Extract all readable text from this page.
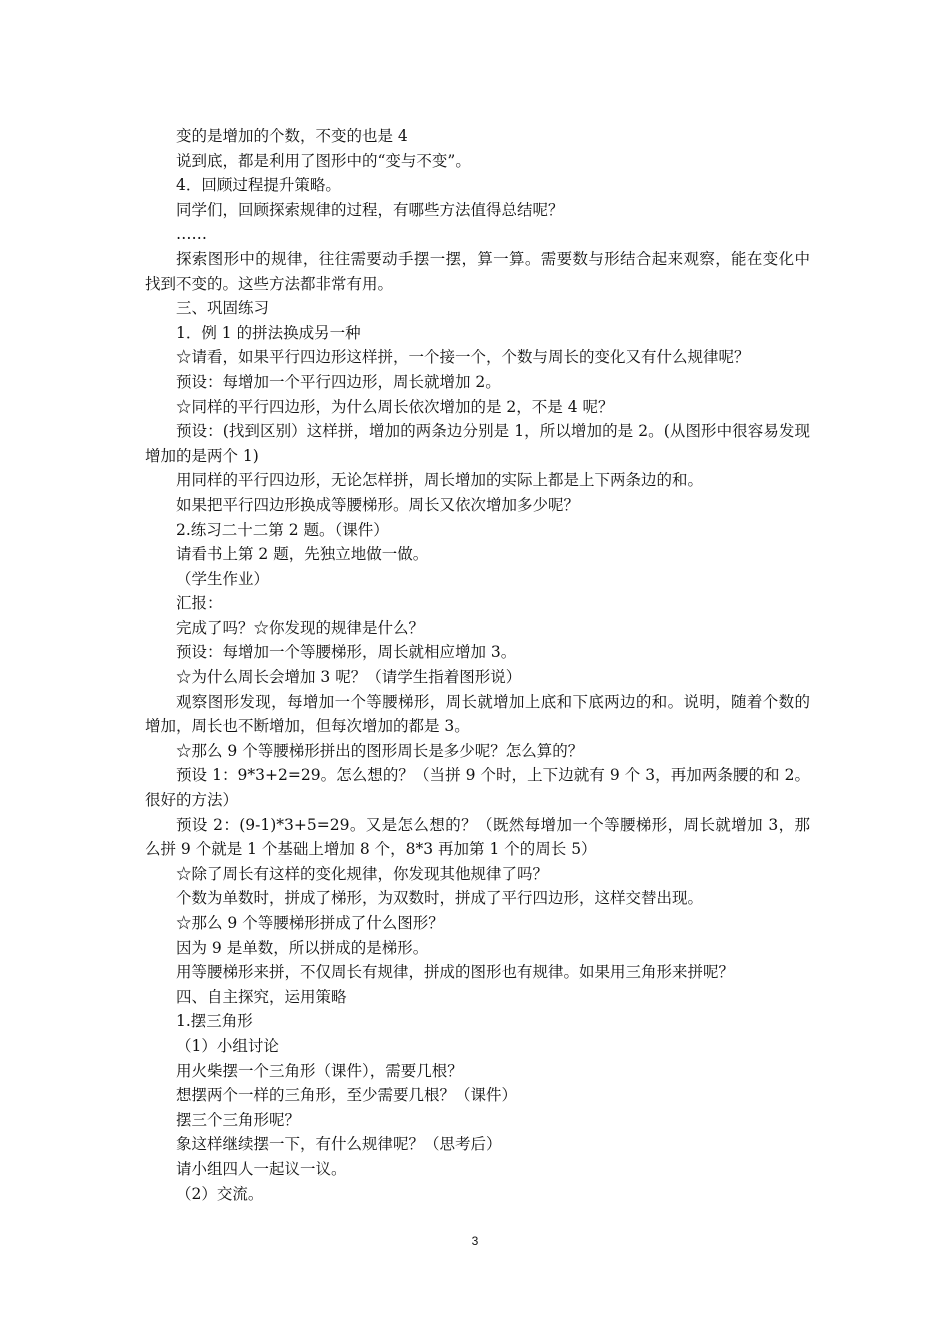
变的是增加的个数，不变的也是 4

说到底，都是利用了图形中的“变与不变”。

4．回顾过程提升策略。

同学们，回顾探索规律的过程，有哪些方法值得总结呢？

……

探索图形中的规律，往往需要动手摆一摆，算一算。需要数与形结合起来观察，能在变化中找到不变的。这些方法都非常有用。

三、巩固练习

1．例 1 的拼法换成另一种

☆请看，如果平行四边形这样拼，一个接一个，个数与周长的变化又有什么规律呢？

预设：每增加一个平行四边形，周长就增加 2。

☆同样的平行四边形，为什么周长依次增加的是 2，不是 4 呢？

预设：(找到区别）这样拼，增加的两条边分别是 1，所以增加的是 2。(从图形中很容易发现增加的是两个 1)

用同样的平行四边形，无论怎样拼，周长增加的实际上都是上下两条边的和。

如果把平行四边形换成等腰梯形。周长又依次增加多少呢？

2.练习二十二第 2 题。（课件）

请看书上第 2 题，先独立地做一做。

（学生作业）

汇报：

完成了吗？☆你发现的规律是什么？

预设：每增加一个等腰梯形，周长就相应增加 3。

☆为什么周长会增加 3 呢？（请学生指着图形说）

观察图形发现，每增加一个等腰梯形，周长就增加上底和下底两边的和。说明，随着个数的增加，周长也不断增加，但每次增加的都是 3。

☆那么 9 个等腰梯形拼出的图形周长是多少呢？怎么算的？

预设 1：9*3+2=29。怎么想的？（当拼 9 个时，上下边就有 9 个 3，再加两条腰的和 2。很好的方法）

预设 2：(9-1)*3+5=29。又是怎么想的？（既然每增加一个等腰梯形，周长就增加 3，那么拼 9 个就是 1 个基础上增加 8 个，8*3 再加第 1 个的周长 5）

☆除了周长有这样的变化规律，你发现其他规律了吗？

个数为单数时，拼成了梯形，为双数时，拼成了平行四边形，这样交替出现。

☆那么 9 个等腰梯形拼成了什么图形？

因为 9 是单数，所以拼成的是梯形。

用等腰梯形来拼，不仅周长有规律，拼成的图形也有规律。如果用三角形来拼呢？

四、自主探究，运用策略

1.摆三角形

（1）小组讨论

用火柴摆一个三角形（课件），需要几根？

想摆两个一样的三角形，至少需要几根？（课件）

摆三个三角形呢？

象这样继续摆一下，有什么规律呢？（思考后）

请小组四人一起议一议。

（2）交流。

3
